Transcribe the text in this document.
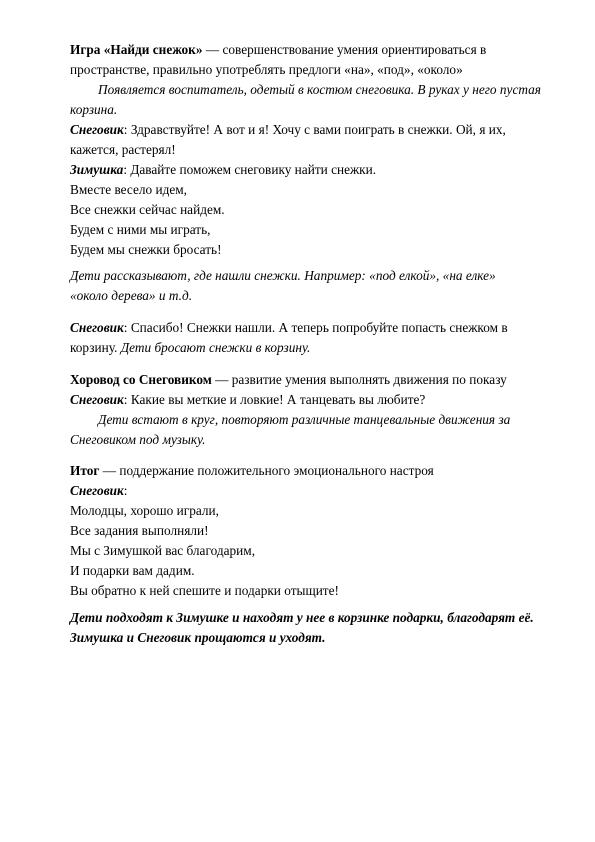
Игра «Найди снежок» — совершенствование умения ориентироваться в
пространстве, правильно употреблять предлоги «на», «под», «около»
Появляется воспитатель, одетый в костюм снеговика. В руках у него пустая
корзина.
Снеговик: Здравствуйте! А вот и я! Хочу с вами поиграть в снежки. Ой, я их,
кажется, растерял!
Зимушка: Давайте поможем снеговику найти снежки.
Вместе весело идем,
Все снежки сейчас найдем.
Будем с ними мы играть,
Будем мы снежки бросать!
Дети рассказывают, где нашли снежки. Например: «под елкой», «на елке»
«около дерева» и т.д.
Снеговик: Спасибо! Снежки нашли. А теперь попробуйте попасть снежком в
корзину. Дети бросают снежки в корзину.
Хоровод со Снеговиком — развитие умения выполнять движения по показу
Снеговик: Какие вы меткие и ловкие! А танцевать вы любите?
Дети встают в круг, повторяют различные танцевальные движения за
Снеговиком под музыку.
Итог — поддержание положительного эмоционального настроя
Снеговик:
Молодцы, хорошо играли,
Все задания выполняли!
Мы с Зимушкой вас благодарим,
И подарки вам дадим.
Вы обратно к ней спешите и подарки отыщите!
Дети подходят к Зимушке и находят у нее в корзинке подарки, благодарят её.
Зимушка и Снеговик прощаются и уходят.
